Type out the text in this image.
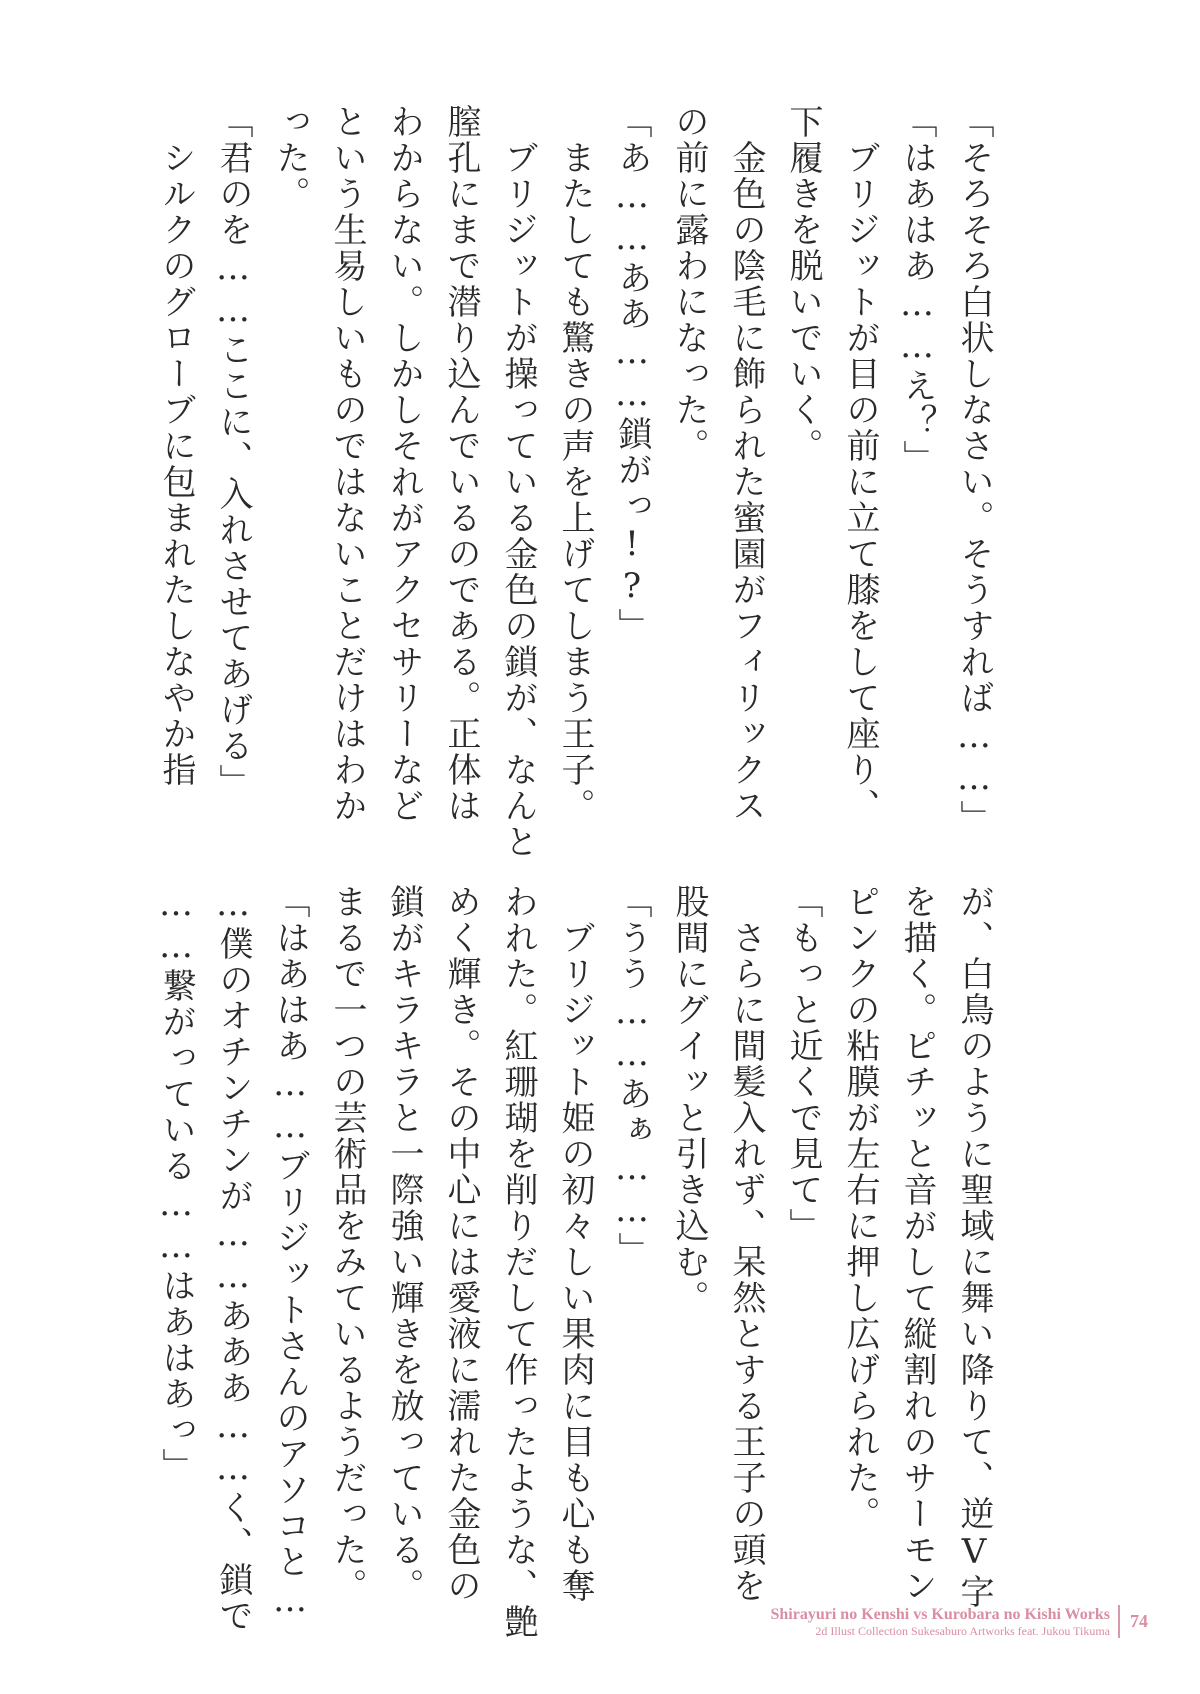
「そろそろ白状しなさい。そうすれば……」

「はあはあ……え？」

　ブリジットが目の前に立て膝をして座り、

下履きを脱いでいく。

　金色の陰毛に飾られた蜜園がフィリックス

の前に露わになった。

「あ……ああ……鎖がっ!?」

　またしても驚きの声を上げてしまう王子。

　ブリジットが操っている金色の鎖が、なんと

膣孔にまで潜り込んでいるのである。正体は

わからない。しかしそれがアクセサリーなど

という生易しいものではないことだけはわか

った。

「君のを……ここに、入れさせてあげる」

　シルクのグローブに包まれたしなやか指

が、白鳥のように聖域に舞い降りて、逆V字

を描く。ピチッと音がして縦割れのサーモン

ピンクの粘膜が左右に押し広げられた。

「もっと近くで見て」

　さらに間髪入れず、呆然とする王子の頭を

股間にグイッと引き込む。

「うう……あぁ……」

　ブリジット姫の初々しい果肉に目も心も奪

われた。紅珊瑚を削りだして作ったような、艶

めく輝き。その中心には愛液に濡れた金色の

鎖がキラキラと一際強い輝きを放っている。

まるで一つの芸術品をみているようだった。

「はあはあ……ブリジットさんのアソコと…

…僕のオチンチンが……あああ……く、鎖で

……繋がっている……はあはあっ」

Shirayuri no Kenshi vs Kurobara no Kishi Works
2d Illust Collection Sukesaburo Artworks feat. Jukou Tikuma	74
